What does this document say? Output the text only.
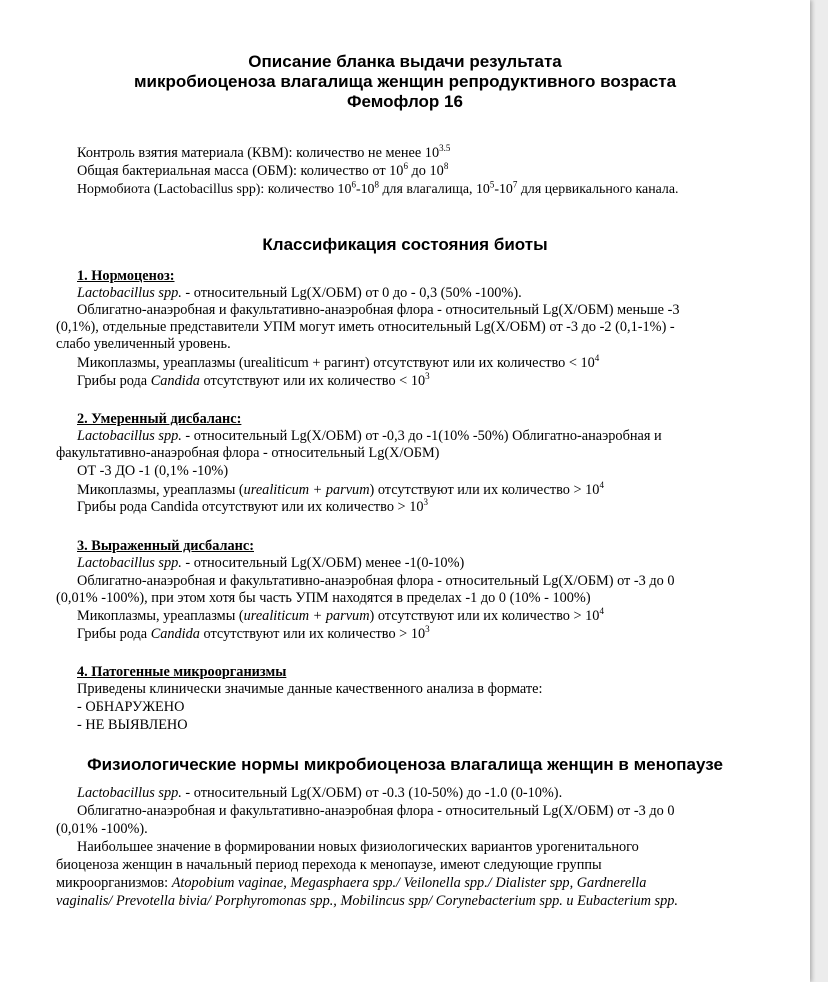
Описание бланка выдачи результата
микробиоценоза влагалища женщин репродуктивного возраста
Фемофлор 16
Контроль взятия материала (КВМ): количество не менее $10^{3.5}$
Общая бактериальная масса (ОБМ): количество от $10^6$ до $10^8$
Нормобиота (Lactobacillus spp): количество $10^6-10^8$ для влагалища, $10^5-10^7$ для цервикального канала.
Классификация состояния биоты
1. Нормоценоз:
Lactobacillus spp. - относительный Lg(Х/ОБМ) от 0 до - 0,3 (50% -100%).
Облигатно-анаэробная и факультативно-анаэробная флора - относительный Lg(Х/ОБМ) меньше -3
(0,1%), отдельные представители УПМ могут иметь относительный Lg(Х/ОБМ) от -3 до -2 (0,1-1%) -
слабо увеличенный уровень.
Микоплазмы, уреаплазмы (urealiticum + paгинт) отсутствуют или их количество < $10^4$
Грибы рода Candida отсутствуют или их количество < $10^3$
2. Умеренный дисбаланс:
Lactobacillus spp. - относительный Lg(Х/ОБМ) от -0,3 до -1(10% -50%) Облигатно-анаэробная и
факультативно-анаэробная флора - относительный Lg(Х/ОБМ)
ОТ -3 ДО -1 (0,1% -10%)
Микоплазмы, уреаплазмы (urealiticum + parvum) отсутствуют или их количество > $10^4$
Грибы рода Candida отсутствуют или их количество > $10^3$
3. Выраженный дисбаланс:
Lactobacillus spp. - относительный Lg(Х/ОБМ) менее -1(0-10%)
Облигатно-анаэробная и факультативно-анаэробная флора - относительный Lg(Х/ОБМ) от -3 до 0
(0,01% -100%), при этом хотя бы часть УПМ находятся в пределах -1 до 0 (10% - 100%)
Микоплазмы, уреаплазмы (urealiticum + parvum) отсутствуют или их количество > $10^4$
Грибы рода Candida отсутствуют или их количество > $10^3$
4. Патогенные микроорганизмы
Приведены клинически значимые данные качественного анализа в формате:
- ОБНАРУЖЕНО
- НЕ ВЫЯВЛЕНО
Физиологические нормы микробиоценоза влагалища женщин в менопаузе
Lactobacillus spp. - относительный Lg(Х/ОБМ) от -0.3 (10-50%) до -1.0 (0-10%).
Облигатно-анаэробная и факультативно-анаэробная флора - относительный Lg(Х/ОБМ) от -3 до 0
(0,01% -100%).
Наибольшее значение в формировании новых физиологических вариантов урогенитального
биоценоза женщин в начальный период перехода к менопаузе, имеют следующие группы
микроорганизмов: Atopobium vaginae, Megasphaera spp./ Veilonella spp./ Dialister spp, Gardnerella
vaginalis/ Prevotella bivia/ Porphyromonas spp., Mobilincus spp/ Corynebacterium spp. и Eubacterium spp.
